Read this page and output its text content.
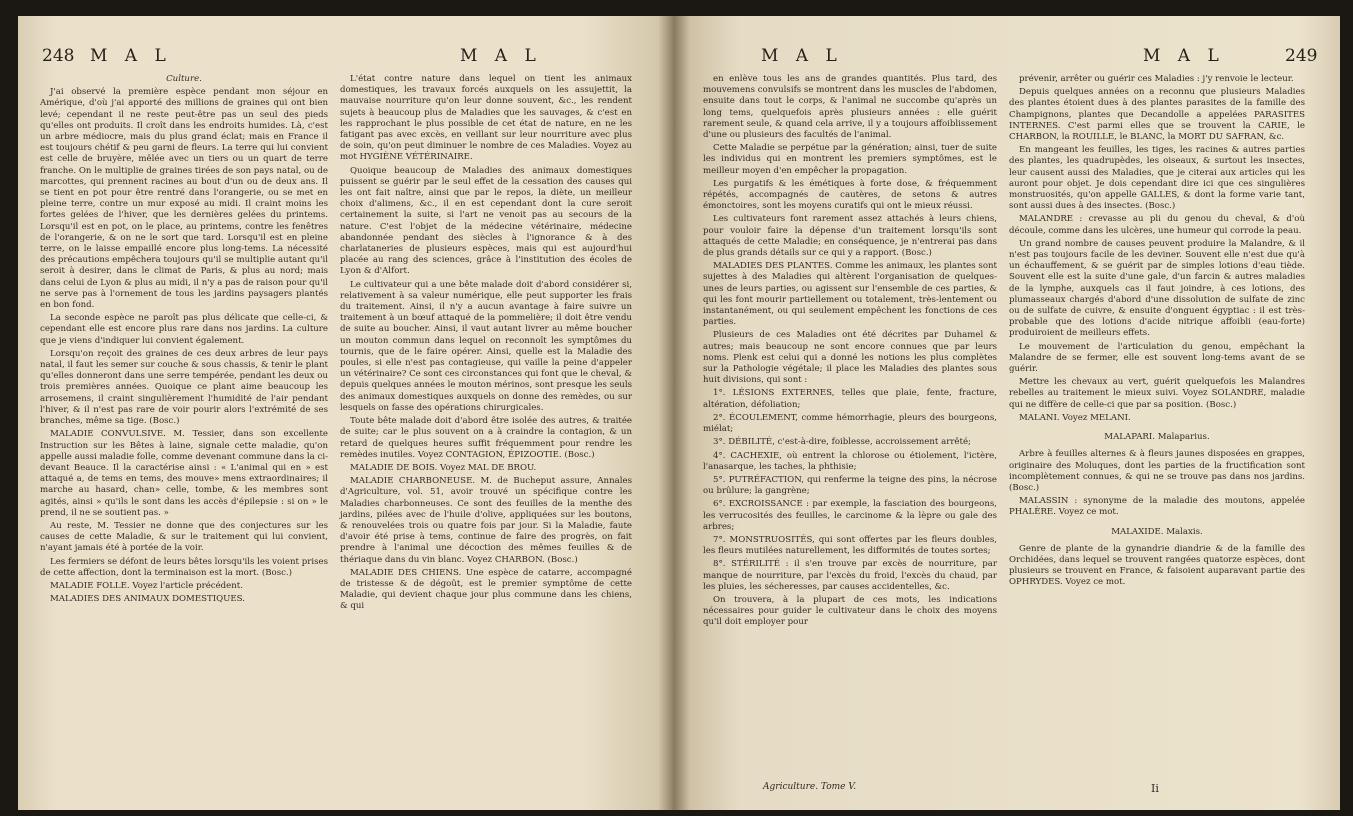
248 M A L	M A L

Culture.

J'ai observé la première espèce pendant mon séjour en Amérique, d'où j'ai apporté des millions de graines qui ont bien levé; cependant il ne reste peut-être pas un seul des pieds qu'elles ont produits. Il croît dans les endroits humides. Là, c'est un arbre médiocre, mais du plus grand éclat; mais en France il est toujours chétif & peu garni de fleurs. La terre qui lui convient est celle de bruyère, mêlée avec un tiers ou un quart de terre franche. On le multiplie de graines tirées de son pays natal, ou de marcottes, qui prennent racines au bout d'un ou de deux ans. Il se tient en pot pour être rentré dans l'orangerie, ou se met en pleine terre, contre un mur exposé au midi. Il craint moins les fortes gelées de l'hiver, que les dernières gelées du printems. Lorsqu'il est en pot, on le place, au printems, contre les fenêtres de l'orangerie, & on ne le sort que tard. Lorsqu'il est en pleine terre, on le laisse empaillé encore plus long-tems. La nécessité des précautions empêchera toujours qu'il se multiplie autant qu'il seroit à desirer, dans le climat de Paris, & plus au nord; mais dans celui de Lyon & plus au midi, il n'y a pas de raison pour qu'il ne serve pas à l'ornement de tous les jardins paysagers plantés en bon fond.

La seconde espèce ne paroît pas plus délicate que celle-ci, & cependant elle est encore plus rare dans nos jardins. La culture que je viens d'indiquer lui convient également.

Lorsqu'on reçoit des graines de ces deux arbres de leur pays natal, il faut les semer sur couche & sous chassis, & tenir le plant qu'elles donneront dans une serre tempérée, pendant les deux ou trois premières années. Quoique ce plant aime beaucoup les arrosemens, il craint singulièrement l'humidité de l'air pendant l'hiver, & il n'est pas rare de voir pourir alors l'extrémité de ses branches, même sa tige. (Bosc.)

MALADIE CONVULSIVE. M. Tessier, dans son excellente Instruction sur les Bêtes à laine, signale cette maladie, qu'on appelle aussi maladie folle, comme devenant commune dans la ci-devant Beauce. Il la caractérise ainsi : « L'animal qui en » est attaqué a, de tems en tems, des mouve» mens extraordinaires; il marche au hasard, chan» celle, tombe, & les membres sont agités, ainsi » qu'ils le sont dans les accès d'épilepsie : si on » le prend, il ne se soutient pas. »

Au reste, M. Tessier ne donne que des conjectures sur les causes de cette Maladie, & sur le traitement qui lui convient, n'ayant jamais été à portée de la voir.

Les fermiers se défont de leurs bêtes lorsqu'ils les voient prises de cette affection, dont la terminaison est la mort. (Bosc.)

MALADIE FOLLE. Voyez l'article précédent.

MALADIES DES ANIMAUX DOMESTIQUES.

L'état contre nature dans lequel on tient les animaux domestiques, les travaux forcés auxquels on les assujettit, la mauvaise nourriture qu'on leur donne souvent, &c., les rendent sujets à beaucoup plus de Maladies que les sauvages, & c'est en les rapprochant le plus possible de cet état de nature, en ne les fatigant pas avec excès, en veillant sur leur nourriture avec plus de soin, qu'on peut diminuer le nombre de ces Maladies. Voyez au mot HYGIÈNE VÉTÉRINAIRE.

Quoique beaucoup de Maladies des animaux domestiques puissent se guérir par le seul effet de la cessation des causes qui les ont fait naître, ainsi que par le repos, la diète, un meilleur choix d'alimens, &c., il en est cependant dont la cure seroit certainement la suite, si l'art ne venoit pas au secours de la nature. C'est l'objet de la médecine vétérinaire, médecine abandonnée pendant des siècles à l'ignorance & à des charlataneries de plusieurs espèces, mais qui est aujourd'hui placée au rang des sciences, grâce à l'institution des écoles de Lyon & d'Alfort.

Le cultivateur qui a une bête malade doit d'abord considérer si, relativement à sa valeur numérique, elle peut supporter les frais du traitement. Ainsi, il n'y a aucun avantage à faire suivre un traitement à un bœuf attaqué de la pommelière; il doit être vendu de suite au boucher. Ainsi, il vaut autant livrer au même boucher un mouton commun dans lequel on reconnoît les symptômes du tournis, que de le faire opérer. Ainsi, quelle est la Maladie des poules, si elle n'est pas contagieuse, qui vaille la peine d'appeler un vétérinaire? Ce sont ces circonstances qui font que le cheval, & depuis quelques années le mouton mérinos, sont presque les seuls des animaux domestiques auxquels on donne des remèdes, ou sur lesquels on fasse des opérations chirurgicales.

Toute bête malade doit d'abord être isolée des autres, & traitée de suite; car le plus souvent on a à craindre la contagion, & un retard de quelques heures suffit fréquemment pour rendre les remèdes inutiles. Voyez CONTAGION, ÉPIZOOTIE. (Bosc.)

MALADIE DE BOIS. Voyez MAL DE BROU.

MALADIE CHARBONEUSE. M. de Bucheput assure, Annales d'Agriculture, vol. 51, avoir trouvé un spécifique contre les Maladies charbonneuses. Ce sont des feuilles de la menthe des jardins, pilées avec de l'huile d'olive, appliquées sur les boutons, & renouvelées trois ou quatre fois par jour. Si la Maladie, faute d'avoir été prise à tems, continue de faire des progrès, on fait prendre à l'animal une décoction des mêmes feuilles & de thériaque dans du vin blanc. Voyez CHARBON. (Bosc.)

MALADIE DES CHIENS. Une espèce de catarre, accompagné de tristesse & de dégoût, est le premier symptôme de cette Maladie, qui devient chaque jour plus commune dans les chiens, & qui

M A L	M A L	249

en enlève tous les ans de grandes quantités. Plus tard, des mouvemens convulsifs se montrent dans les muscles de l'abdomen, ensuite dans tout le corps, & l'animal ne succombe qu'après un long tems, quelquefois après plusieurs années : elle guérit rarement seule, & quand cela arrive, il y a toujours affoiblissement d'une ou plusieurs des facultés de l'animal.

Cette Maladie se perpétue par la génération; ainsi, tuer de suite les individus qui en montrent les premiers symptômes, est le meilleur moyen d'en empêcher la propagation.

Les purgatifs & les émétiques à forte dose, & fréquemment répétés, accompagnés de cautères, de setons & autres émonctoires, sont les moyens curatifs qui ont le mieux réussi.

Les cultivateurs font rarement assez attachés à leurs chiens, pour vouloir faire la dépense d'un traitement lorsqu'ils sont attaqués de cette Maladie; en conséquence, je n'entrerai pas dans de plus grands détails sur ce qui y a rapport. (Bosc.)

MALADIES DES PLANTES. Comme les animaux, les plantes sont sujettes à des Maladies qui altèrent l'organisation de quelques-unes de leurs parties, ou agissent sur l'ensemble de ces parties, & qui les font mourir partiellement ou totalement, très-lentement ou instantanément, ou qui seulement empêchent les fonctions de ces parties.

Plusieurs de ces Maladies ont été décrites par Duhamel & autres; mais beaucoup ne sont encore connues que par leurs noms. Plenk est celui qui a donné les notions les plus complètes sur la Pathologie végétale; il place les Maladies des plantes sous huit divisions, qui sont :

1°. LÉSIONS EXTERNES, telles que plaie, fente, fracture, altération, défoliation;

2°. ÉCOULEMENT, comme hémorrhagie, pleurs des bourgeons, miélat;

3°. DÉBILITÉ, c'est-à-dire, foiblesse, accroissement arrêté;

4°. CACHEXIE, où entrent la chlorose ou étiolement, l'ictère, l'anasarque, les taches, la phthisie;

5°. PUTRÉFACTION, qui renferme la teigne des pins, la nécrose ou brûlure; la gangrène;

6°. EXCROISSANCE : par exemple, la fasciation des bourgeons, les verrucosités des feuilles, le carcinome & la lèpre ou gale des arbres;

7°. MONSTRUOSITÉS, qui sont offertes par les fleurs doubles, les fleurs mutilées naturellement, les difformités de toutes sortes;

8°. STÉRILITÉ : il s'en trouve par excès de nourriture, par manque de nourriture, par l'excès du froid, l'excès du chaud, par les pluies, les sécheresses, par causes accidentelles, &c.

On trouvera, à la plupart de ces mots, les indications nécessaires pour guider le cultivateur dans le choix des moyens qu'il doit employer pour

prévenir, arrêter ou guérir ces Maladies : j'y renvoie le lecteur.

Depuis quelques années on a reconnu que plusieurs Maladies des plantes étoient dues à des plantes parasites de la famille des Champignons, plantes que Decandolle a appelées PARASITES INTERNES. C'est parmi elles que se trouvent la CARIE, le CHARBON, la ROUILLE, le BLANC, la MORT DU SAFRAN, &c.

En mangeant les feuilles, les tiges, les racines & autres parties des plantes, les quadrupèdes, les oiseaux, & surtout les insectes, leur causent aussi des Maladies, que je citerai aux articles qui les auront pour objet. Je dois cependant dire ici que ces singulières monstruosités, qu'on appelle GALLES, & dont la forme varie tant, sont aussi dues à des insectes. (Bosc.)

MALANDRE : crevasse au pli du genou du cheval, & d'où découle, comme dans les ulcères, une humeur qui corrode la peau.

Un grand nombre de causes peuvent produire la Malandre, & il n'est pas toujours facile de les deviner. Souvent elle n'est due qu'à un échauffement, & se guérit par de simples lotions d'eau tiède. Souvent elle est la suite d'une gale, d'un farcin & autres maladies de la lymphe, auxquels cas il faut joindre, à ces lotions, des plumasseaux chargés d'abord d'une dissolution de sulfate de zinc ou de sulfate de cuivre, & ensuite d'onguent égyptiac : il est très-probable que des lotions d'acide nitrique affoibli (eau-forte) produiroient de meilleurs effets.

Le mouvement de l'articulation du genou, empêchant la Malandre de se fermer, elle est souvent long-tems avant de se guérir.

Mettre les chevaux au vert, guérit quelquefois les Malandres rebelles au traitement le mieux suivi. Voyez SOLANDRE, maladie qui ne diffère de celle-ci que par sa position. (Bosc.)

MALANI. Voyez MELANI.

MALAPARI. Malaparius.

Arbre à feuilles alternes & à fleurs jaunes disposées en grappes, originaire des Moluques, dont les parties de la fructification sont incomplètement connues, & qui ne se trouve pas dans nos jardins. (Bosc.)

MALASSIN : synonyme de la maladie des moutons, appelée PHALÈRE. Voyez ce mot.

MALAXIDE. Malaxis.

Genre de plante de la gynandrie diandrie & de la famille des Orchidées, dans lequel se trouvent rangées quatorze espèces, dont plusieurs se trouvent en France, & faisoient auparavant partie des OPHRYDES. Voyez ce mot.

Agriculture. Tome V.	Ii
